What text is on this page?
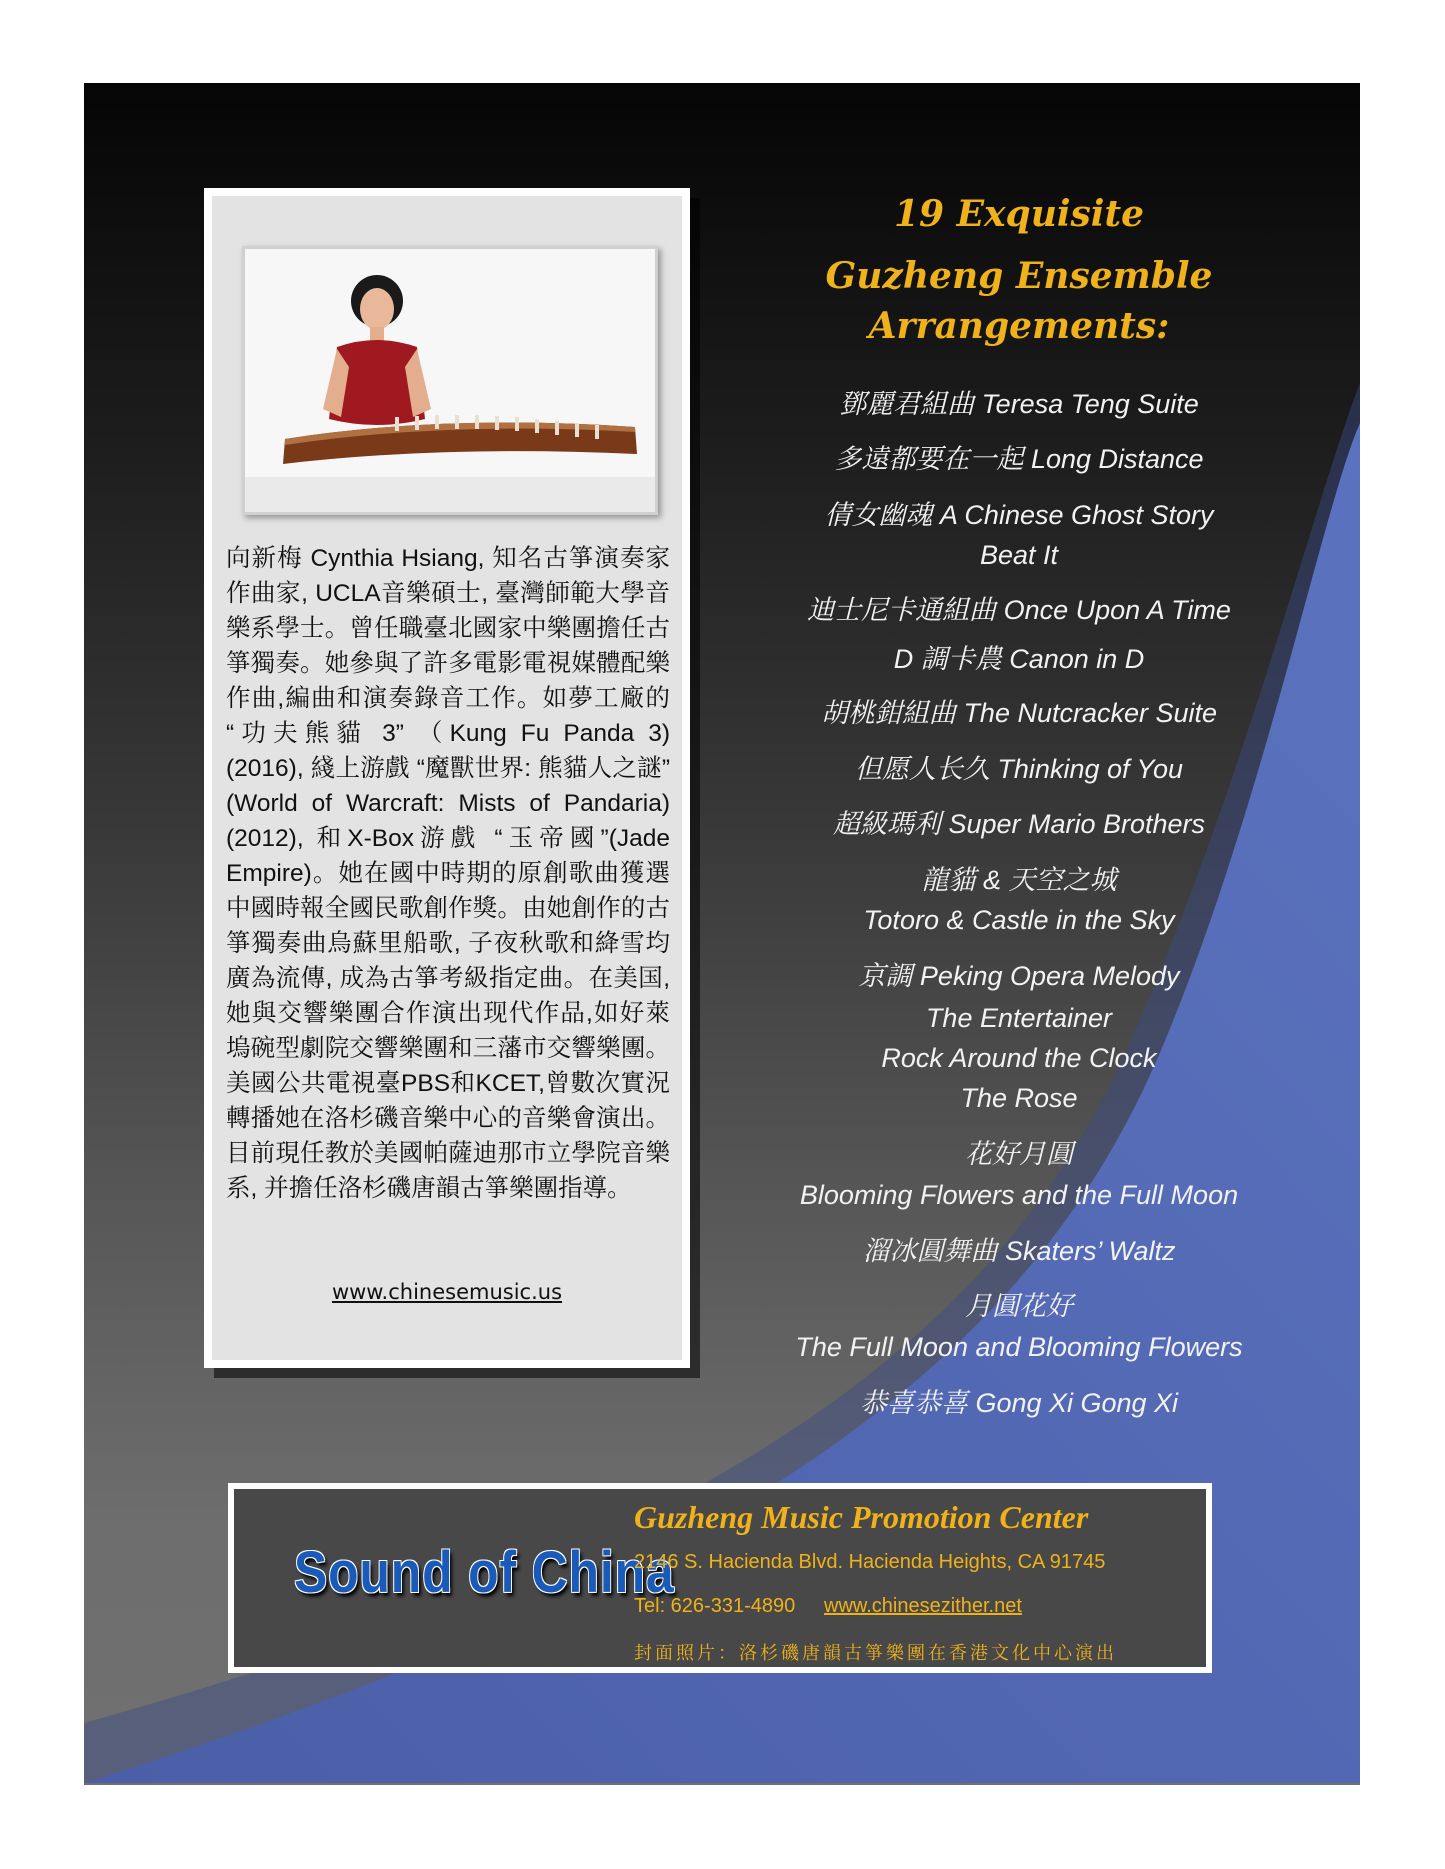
向新梅 Cynthia Hsiang, 知名古箏演奏家作曲家, UCLA音樂碩士, 臺灣師範大學音樂系學士。曾任職臺北國家中樂團擔任古箏獨奏。她參與了許多電影電視媒體配樂作曲,編曲和演奏錄音工作。如夢工廠的 “功夫熊貓 3” （Kung Fu Panda 3) (2016), 綫上游戲 “魔獸世界: 熊貓人之謎” (World of Warcraft: Mists of Pandaria) (2012), 和X-Box游戲 “玉帝國”(Jade Empire)。她在國中時期的原創歌曲獲選中國時報全國民歌創作獎。由她創作的古箏獨奏曲烏蘇里船歌, 子夜秋歌和絳雪均廣為流傳, 成為古箏考級指定曲。在美国,她與交響樂團合作演出现代作品,如好萊塢碗型劇院交響樂團和三藩市交響樂團。美國公共電視臺PBS和KCET,曾數次實況轉播她在洛杉磯音樂中心的音樂會演出。目前現任教於美國帕薩迪那市立學院音樂系, 并擔任洛杉磯唐韻古箏樂團指導。
www.chinesemusic.us
19 Exquisite
Guzheng Ensemble
Arrangements:
鄧麗君組曲 Teresa Teng Suite
多遠都要在一起 Long Distance
倩女幽魂 A Chinese Ghost Story
Beat It
迪士尼卡通組曲 Once Upon A Time
D 調卡農 Canon in D
胡桃鉗組曲 The Nutcracker Suite
但愿人长久 Thinking of You
超級瑪利 Super Mario Brothers
龍貓 & 天空之城
Totoro & Castle in the Sky
京調 Peking Opera Melody
The Entertainer
Rock Around the Clock
The Rose
花好月圓
Blooming Flowers and the Full Moon
溜冰圓舞曲 Skaters’ Waltz
月圓花好
The Full Moon and Blooming Flowers
恭喜恭喜 Gong Xi Gong Xi
Sound of China
Guzheng Music Promotion Center
2146 S. Hacienda Blvd. Hacienda Heights, CA 91745
Tel: 626-331-4890 www.chinesezither.net
封面照片：洛杉磯唐韻古箏樂團在香港文化中心演出
